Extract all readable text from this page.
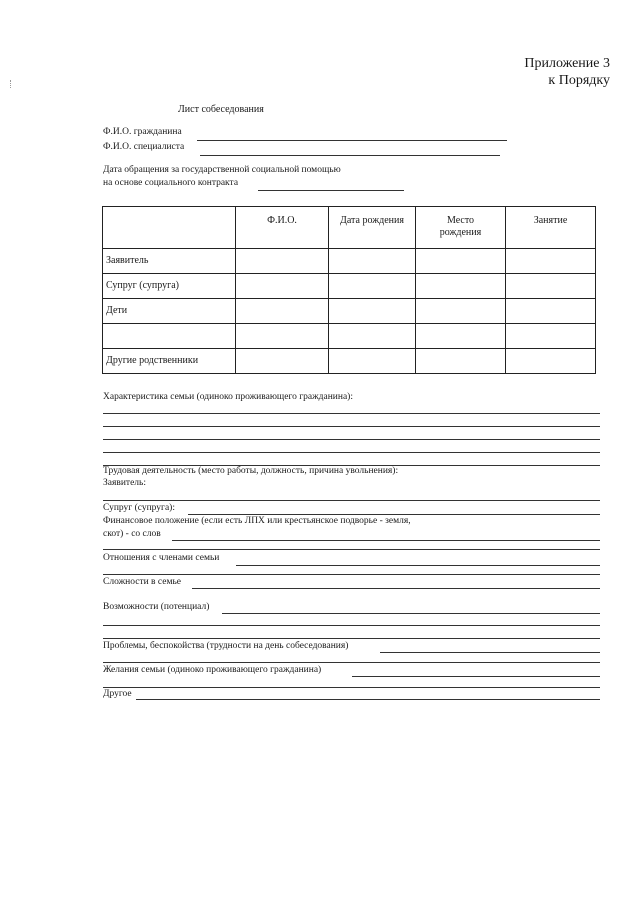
Приложение 3
к Порядку
Лист собеседования
Ф.И.О. гражданина
Ф.И.О. специалиста
Дата обращения за государственной социальной помощью
на основе социального контракта
	Ф.И.О.	Дата рождения	Место рождения	Занятие
Заявитель				
Супруг (супруга)				
Дети				

Другие родственники				
Характеристика семьи (одиноко проживающего гражданина):
Трудовая деятельность (место работы, должность, причина увольнения):
Заявитель:
Супруг (супруга):
Финансовое положение (если есть ЛПХ или крестьянское подворье - земля,
скот) - со слов
Отношения с членами семьи
Сложности в семье
Возможности (потенциал)
Проблемы, беспокойства (трудности на день собеседования)
Желания семьи (одиноко проживающего гражданина)
Другое
